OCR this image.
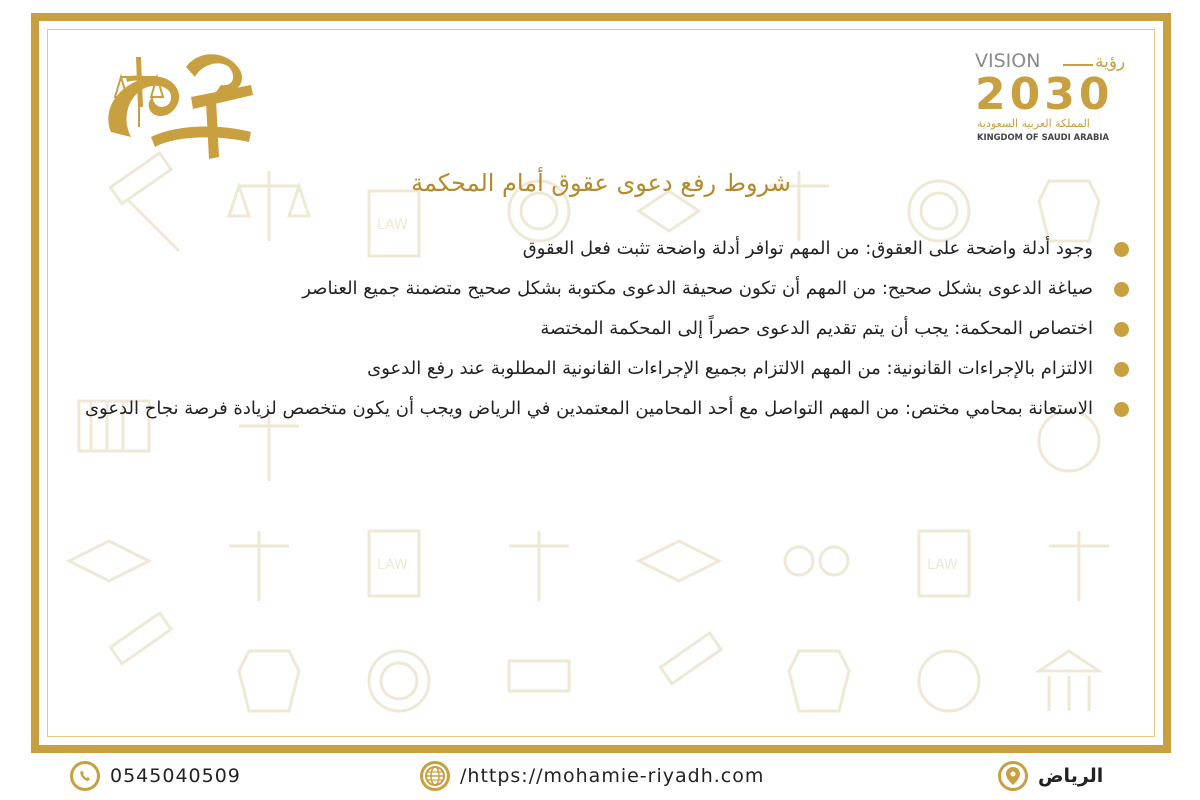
LAW
LAW	LAW
VISION	رؤية
2030
المملكة العربية السعودية
KINGDOM OF SAUDI ARABIA
شروط رفع دعوى عقوق أمام المحكمة
وجود أدلة واضحة على العقوق: من المهم توافر أدلة واضحة تثبت فعل العقوق
صياغة الدعوى بشكل صحيح: من المهم أن تكون صحيفة الدعوى مكتوبة بشكل صحيح متضمنة جميع العناصر
اختصاص المحكمة: يجب أن يتم تقديم الدعوى حصراً إلى المحكمة المختصة
الالتزام بالإجراءات القانونية: من المهم الالتزام بجميع الإجراءات القانونية المطلوبة عند رفع الدعوى
الاستعانة بمحامي مختص: من المهم التواصل مع أحد المحامين المعتمدين في الرياض ويجب أن يكون متخصص لزيادة فرصة نجاح الدعوى
0545040509	/https://mohamie-riyadh.com	الرياض
